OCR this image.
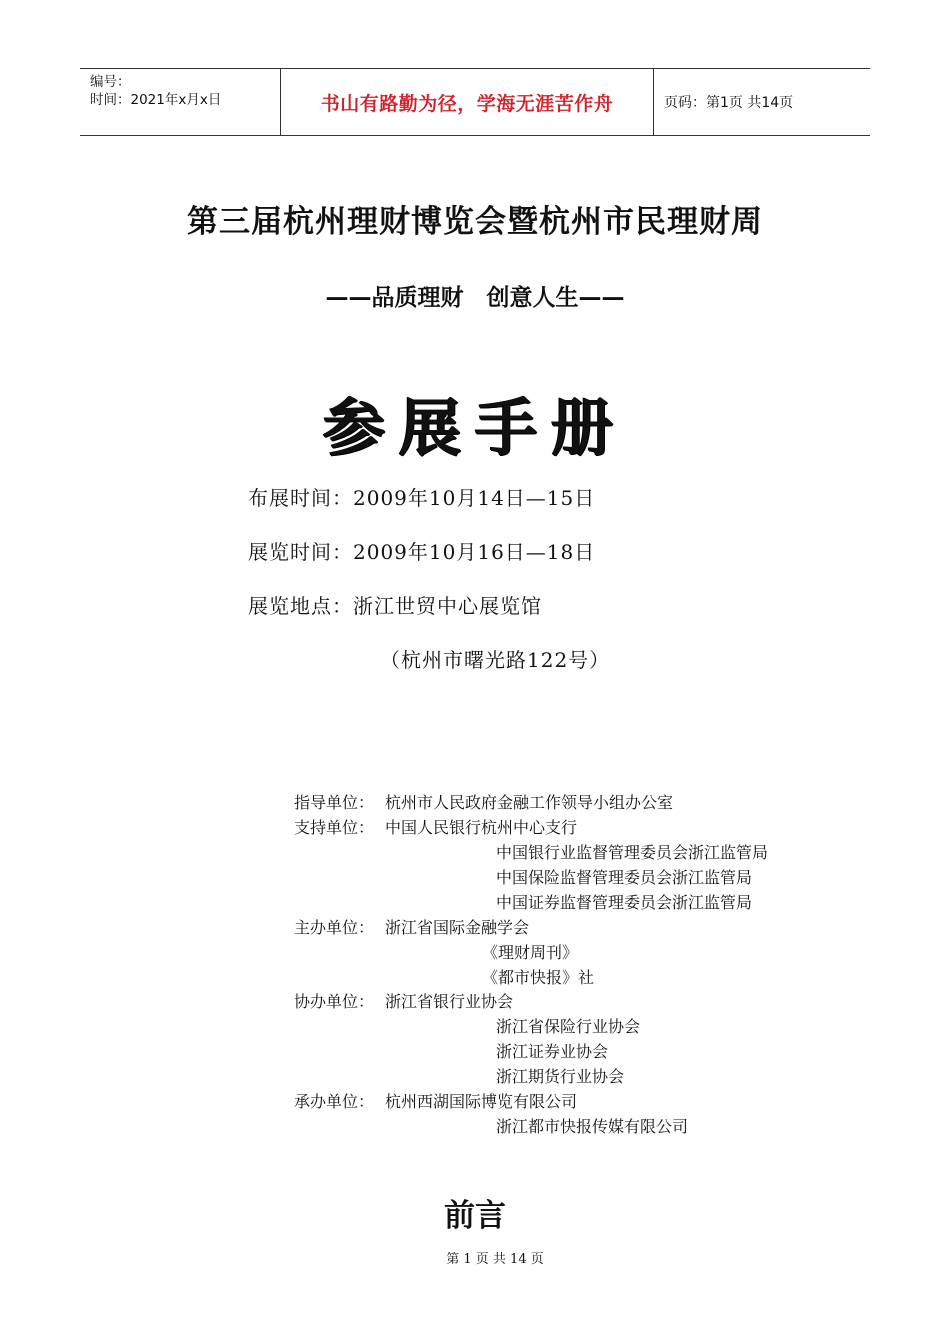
编号：
时间：2021年x月x日	书山有路勤为径，学海无涯苦作舟	页码：第1页 共14页
第三届杭州理财博览会暨杭州市民理财周
——品质理财　创意人生——
参展手册
布展时间：2009年10月14日—15日
展览时间：2009年10月16日—18日
展览地点：浙江世贸中心展览馆
（杭州市曙光路122号）
指导单位： 杭州市人民政府金融工作领导小组办公室
支持单位： 中国人民银行杭州中心支行
中国银行业监督管理委员会浙江监管局
中国保险监督管理委员会浙江监管局
中国证券监督管理委员会浙江监管局
主办单位： 浙江省国际金融学会
《理财周刊》
《都市快报》社
协办单位： 浙江省银行业协会
浙江省保险行业协会
浙江证券业协会
浙江期货行业协会
承办单位： 杭州西湖国际博览有限公司
浙江都市快报传媒有限公司
前言
第 1 页 共 14 页
